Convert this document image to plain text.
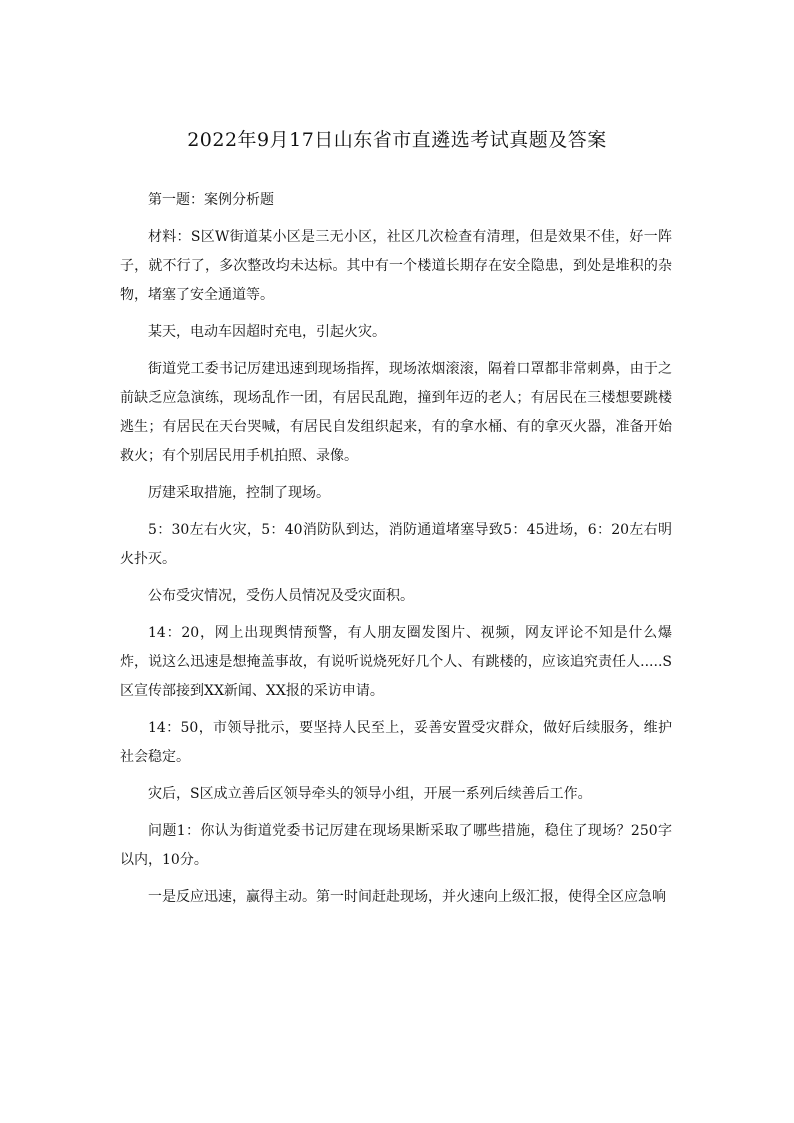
2022年9月17日山东省市直遴选考试真题及答案

第一题：案例分析题

材料：S区W街道某小区是三无小区，社区几次检查有清理，但是效果不佳，好一阵子，就不行了，多次整改均未达标。其中有一个楼道长期存在安全隐患，到处是堆积的杂物，堵塞了安全通道等。

某天，电动车因超时充电，引起火灾。

街道党工委书记厉建迅速到现场指挥，现场浓烟滚滚，隔着口罩都非常刺鼻，由于之前缺乏应急演练，现场乱作一团，有居民乱跑，撞到年迈的老人；有居民在三楼想要跳楼逃生；有居民在天台哭喊，有居民自发组织起来，有的拿水桶、有的拿灭火器，准备开始救火；有个别居民用手机拍照、录像。

厉建采取措施，控制了现场。

5：30左右火灾，5：40消防队到达，消防通道堵塞导致5：45进场，6：20左右明火扑灭。

公布受灾情况，受伤人员情况及受灾面积。

14：20，网上出现舆情预警，有人朋友圈发图片、视频，网友评论不知是什么爆炸，说这么迅速是想掩盖事故，有说听说烧死好几个人、有跳楼的，应该追究责任人.....S区宣传部接到XX新闻、XX报的采访申请。

14：50，市领导批示，要坚持人民至上，妥善安置受灾群众，做好后续服务，维护社会稳定。

灾后，S区成立善后区领导牵头的领导小组，开展一系列后续善后工作。

问题1：你认为街道党委书记厉建在现场果断采取了哪些措施，稳住了现场？250字以内，10分。

一是反应迅速，赢得主动。第一时间赶赴现场，并火速向上级汇报，使得全区应急响
